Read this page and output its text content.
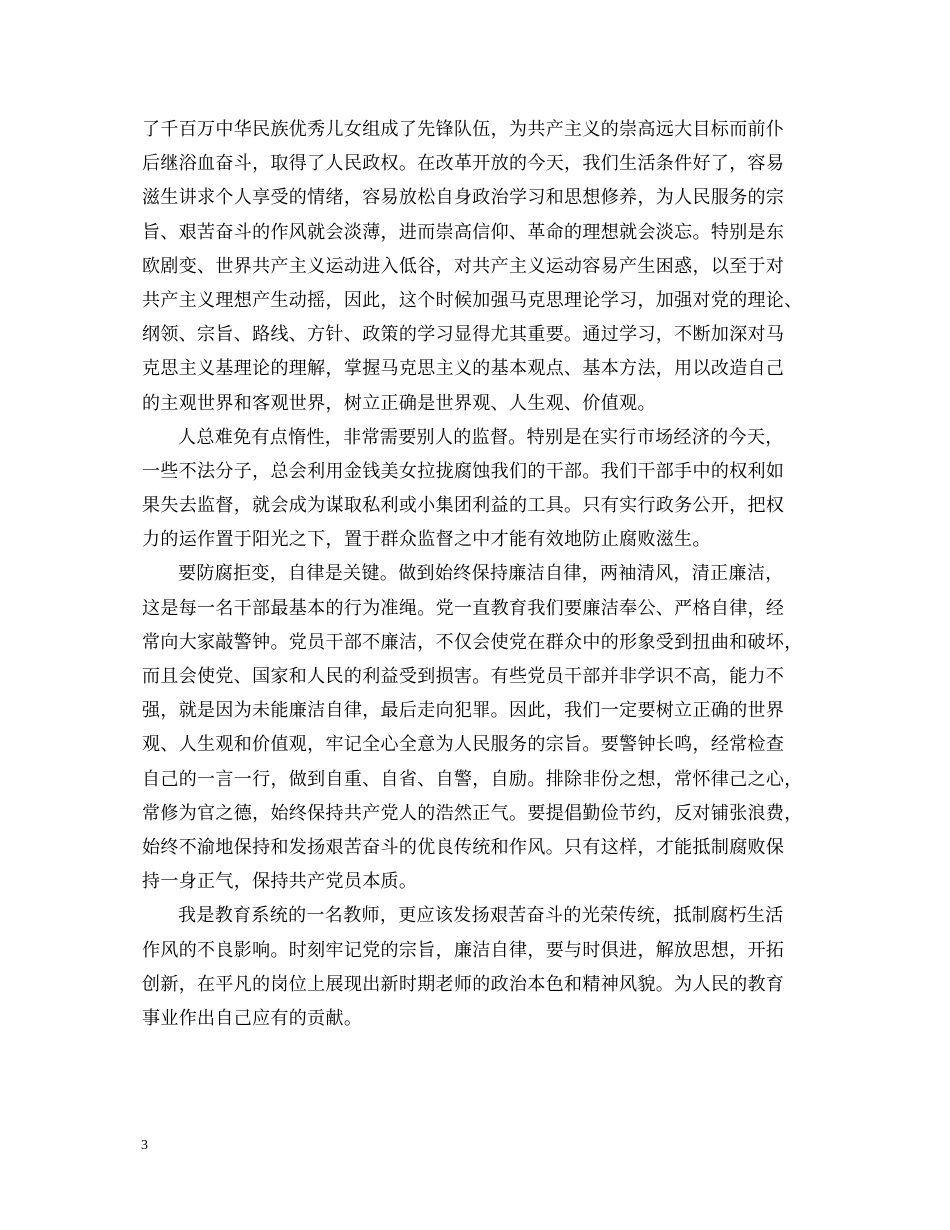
了千百万中华民族优秀儿女组成了先锋队伍，为共产主义的崇高远大目标而前仆
后继浴血奋斗，取得了人民政权。在改革开放的今天，我们生活条件好了，容易
滋生讲求个人享受的情绪，容易放松自身政治学习和思想修养，为人民服务的宗
旨、艰苦奋斗的作风就会淡薄，进而崇高信仰、革命的理想就会淡忘。特别是东
欧剧变、世界共产主义运动进入低谷，对共产主义运动容易产生困惑，以至于对
共产主义理想产生动摇，因此，这个时候加强马克思理论学习，加强对党的理论、
纲领、宗旨、路线、方针、政策的学习显得尤其重要。通过学习，不断加深对马
克思主义基理论的理解，掌握马克思主义的基本观点、基本方法，用以改造自己
的主观世界和客观世界，树立正确是世界观、人生观、价值观。
人总难免有点惰性，非常需要别人的监督。特别是在实行市场经济的今天，
一些不法分子，总会利用金钱美女拉拢腐蚀我们的干部。我们干部手中的权利如
果失去监督，就会成为谋取私利或小集团利益的工具。只有实行政务公开，把权
力的运作置于阳光之下，置于群众监督之中才能有效地防止腐败滋生。
要防腐拒变，自律是关键。做到始终保持廉洁自律，两袖清风，清正廉洁，
这是每一名干部最基本的行为准绳。党一直教育我们要廉洁奉公、严格自律，经
常向大家敲警钟。党员干部不廉洁，不仅会使党在群众中的形象受到扭曲和破坏，
而且会使党、国家和人民的利益受到损害。有些党员干部并非学识不高，能力不
强，就是因为未能廉洁自律，最后走向犯罪。因此，我们一定要树立正确的世界
观、人生观和价值观，牢记全心全意为人民服务的宗旨。要警钟长鸣，经常检查
自己的一言一行，做到自重、自省、自警，自励。排除非份之想，常怀律己之心，
常修为官之德，始终保持共产党人的浩然正气。要提倡勤俭节约，反对铺张浪费，
始终不渝地保持和发扬艰苦奋斗的优良传统和作风。只有这样，才能抵制腐败保
持一身正气，保持共产党员本质。
我是教育系统的一名教师，更应该发扬艰苦奋斗的光荣传统，抵制腐朽生活
作风的不良影响。时刻牢记党的宗旨，廉洁自律，要与时俱进，解放思想，开拓
创新，在平凡的岗位上展现出新时期老师的政治本色和精神风貌。为人民的教育
事业作出自己应有的贡献。
3
